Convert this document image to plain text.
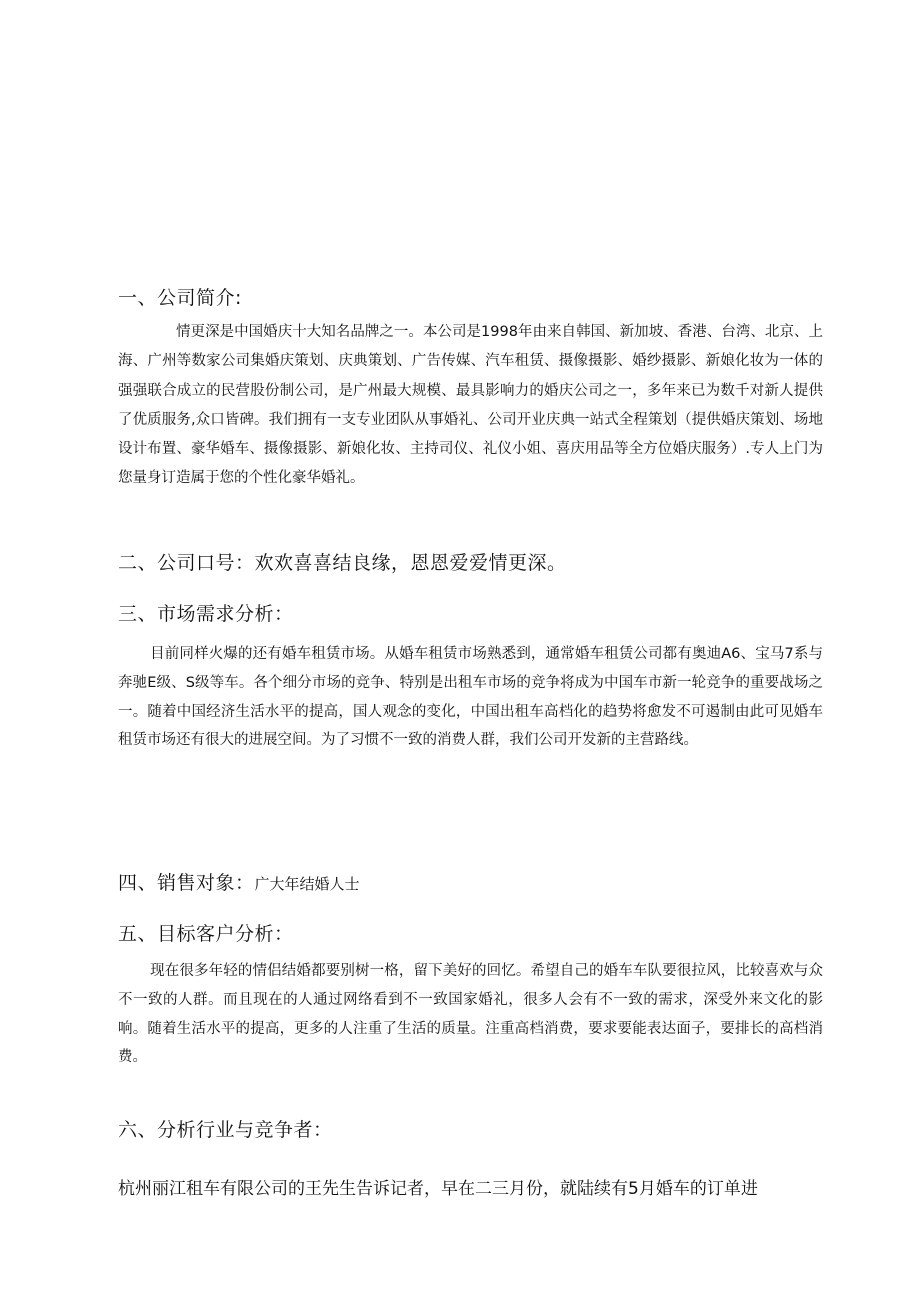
一、公司简介:
情更深是中国婚庆十大知名品牌之一。本公司是1998年由来自韩国、新加坡、香港、台湾、北京、上海、广州等数家公司集婚庆策划、庆典策划、广告传媒、汽车租赁、摄像摄影、婚纱摄影、新娘化妆为一体的强强联合成立的民营股份制公司，是广州最大规模、最具影响力的婚庆公司之一，多年来已为数千对新人提供了优质服务,众口皆碑。我们拥有一支专业团队从事婚礼、公司开业庆典一站式全程策划（提供婚庆策划、场地设计布置、豪华婚车、摄像摄影、新娘化妆、主持司仪、礼仪小姐、喜庆用品等全方位婚庆服务）.专人上门为您量身订造属于您的个性化豪华婚礼。
二、公司口号：欢欢喜喜结良缘，恩恩爱爱情更深。
三、市场需求分析：
目前同样火爆的还有婚车租赁市场。从婚车租赁市场熟悉到，通常婚车租赁公司都有奥迪A6、宝马7系与奔驰E级、S级等车。各个细分市场的竞争、特别是出租车市场的竞争将成为中国车市新一轮竞争的重要战场之一。随着中国经济生活水平的提高，国人观念的变化，中国出租车高档化的趋势将愈发不可遏制由此可见婚车租赁市场还有很大的进展空间。为了习惯不一致的消费人群，我们公司开发新的主营路线。
四、销售对象：广大年结婚人士
五、目标客户分析：
现在很多年轻的情侣结婚都要别树一格，留下美好的回忆。希望自己的婚车车队要很拉风，比较喜欢与众不一致的人群。而且现在的人通过网络看到不一致国家婚礼，很多人会有不一致的需求，深受外来文化的影响。随着生活水平的提高，更多的人注重了生活的质量。注重高档消费，要求要能表达面子，要排长的高档消费。
六、分析行业与竞争者：
杭州丽江租车有限公司的王先生告诉记者，早在二三月份，就陆续有5月婚车的订单进
